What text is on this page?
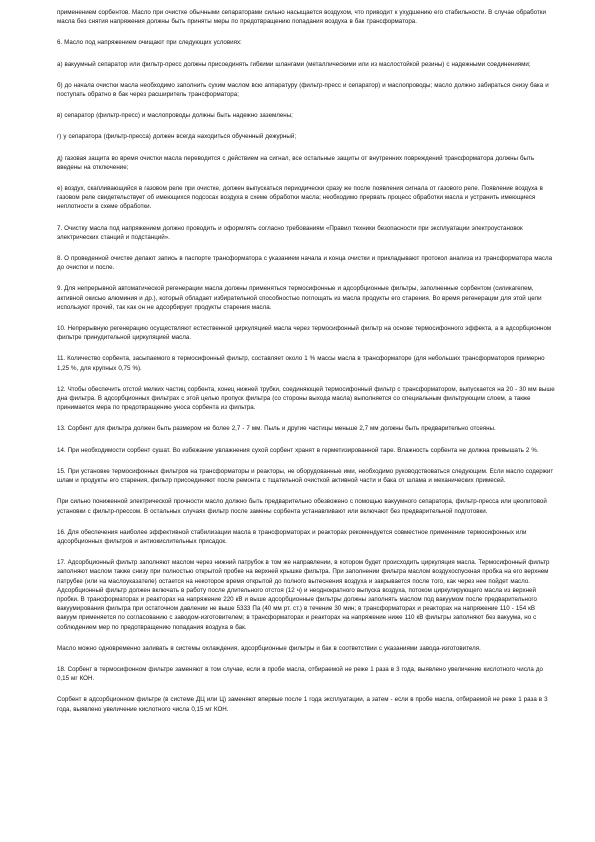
применением сорбентов. Масло при очистке обычными сепараторами сильно насыщается воздухом, что приводит к ухудшению его стабильности. В случае обработки масла без снятия напряжения должны быть приняты меры по предотвращению попадания воздуха в бак трансформатора.

6. Масло под напряжением очищают при следующих условиях:

а) вакуумный сепаратор или фильтр-пресс должны присоединять гибкими шлангами (металлическими или из маслостойкой резины) с надежными соединениями;

б) до начала очистки масла необходимо заполнить сухим маслом всю аппаратуру (фильтр-пресс и сепаратор) и маслопроводы; масло должно забираться снизу бака и поступать обратно в бак через расширитель трансформатора;

в) сепаратор (фильтр-пресс) и маслопроводы должны быть надежно заземлены;

г) у сепаратора (фильтр-пресса) должен всегда находиться обученный дежурный;

д) газовая защита во время очистки масла переводится с действием на сигнал, все остальные защиты от внутренних повреждений трансформатора должны быть введены на отключение;

е) воздух, скапливающийся в газовом реле при очистке, должен выпускаться периодически сразу же после появления сигнала от газового реле. Появление воздуха в газовом реле свидетельствует об имеющихся подсосах воздуха в схеме обработки масла; необходимо прервать процесс обработки масла и устранить имеющиеся неплотности в схеме обработки.

7. Очистку масла под напряжением должно проводить и оформлять согласно требованиям «Правил техники безопасности при эксплуатации электроустановок электрических станций и подстанций».

8. О проведенной очистке делают запись в паспорте трансформатора с указанием начала и конца очистки и прикладывают протокол анализа из трансформатора масла до очистки и после.

9. Для непрерывной автоматической регенерации масла должны применяться термосифонные и адсорбционные фильтры, заполненные сорбентом (силикагелем, активной окисью алюминия и др.), который обладает избирательной способностью поглощать из масла продукты его старения. Во время регенерации для этой цели используют прочий, так как он не адсорбирует продукты старения масла.

10. Непрерывную регенерацию осуществляют естественной циркуляцией масла через термосифонный фильтр на основе термосифонного эффекта, а в адсорбционном фильтре принудительной циркуляцией масла.

11. Количество сорбента, засыпаемого в термосифонный фильтр, составляет около 1 % массы масла в трансформаторе (для небольших трансформаторов примерно 1,25 %, для крупных 0,75 %).

12. Чтобы обеспечить отстой мелких частиц сорбента, конец нижней трубки, соединяющей термосифонный фильтр с трансформатором, выпускается на 20 - 30 мм выше дна фильтра. В адсорбционных фильтрах с этой целью пропуск фильтра (со стороны выхода масла) выполняется со специальным фильтрующим слоем, а также принимается мера по предотвращению уноса сорбента из фильтра.

13. Сорбент для фильтра должен быть размером не более 2,7 - 7 мм. Пыль и другие частицы меньше 2,7 мм должны быть предварительно отсеяны.

14. При необходимости сорбент сушат. Во избежание увлажнения сухой сорбент хранят в герметизированной таре. Влажность сорбента не должна превышать 2 %.

15. При установке термосифонных фильтров на трансформаторы и реакторы, не оборудованные ими, необходимо руководствоваться следующим. Если масло содержит шлам и продукты его старения, фильтр присоединяют после ремонта с тщательной очисткой активной части и бака от шлама и механических примесей.

При сильно пониженной электрической прочности масло должно быть предварительно обезвожено с помощью вакуумного сепаратора, фильтр-пресса или цеолитовой установки с фильтр-прессом. В остальных случаях фильтр после замены сорбента устанавливают или включают без предварительной подготовки.

16. Для обеспечения наиболее эффективной стабилизации масла в трансформаторах и реакторах рекомендуется совместное применение термосифонных или адсорбционных фильтров и антиокислительных присадок.

17. Адсорбционный фильтр заполняют маслом через нижний патрубок в том же направлении, в котором будет происходить циркуляция масла. Термосифонный фильтр заполняют маслом также снизу при полностью открытой пробке на верхней крышке фильтра. При заполнении фильтра маслом воздухоспускная пробка на его верхнем патрубке (или на маслоуказателе) остается на некоторое время открытой до полного вытеснения воздуха и закрывается после того, как через нее пойдет масло. Адсорбционный фильтр должен включать в работу после длительного отстоя (12 ч) и неоднократного выпуска воздуха, потоком циркулирующего масла из верхней пробки. В трансформаторах и реакторах на напряжение 220 кВ и выше адсорбционные фильтры должны заполнять маслом под вакуумом после предварительного вакуумирования фильтра при остаточном давлении не выше 5333 Па (40 мм рт. ст.) в течение 30 мин; в трансформаторах и реакторах на напряжение 110 - 154 кВ вакуум применяется по согласованию с заводом-изготовителем; в трансформаторах и реакторах на напряжение ниже 110 кВ фильтры заполняют без вакуума, но с соблюдением мер по предотвращению попадания воздуха в бак.

Масло можно одновременно заливать в системы охлаждения, адсорбционные фильтры и бак в соответствии с указаниями завода-изготовителя.

18. Сорбент в термосифонном фильтре заменяют в том случае, если в пробе масла, отбираемой не реже 1 раза в 3 года, выявлено увеличение кислотного числа до 0,15 мг КОН.

Сорбент в адсорбционном фильтре (в системе ДЦ или Ц) заменяют впервые после 1 года эксплуатации, а затем - если в пробе масла, отбираемой не реже 1 раза в 3 года, выявлено увеличение кислотного числа 0,15 мг КОН.
